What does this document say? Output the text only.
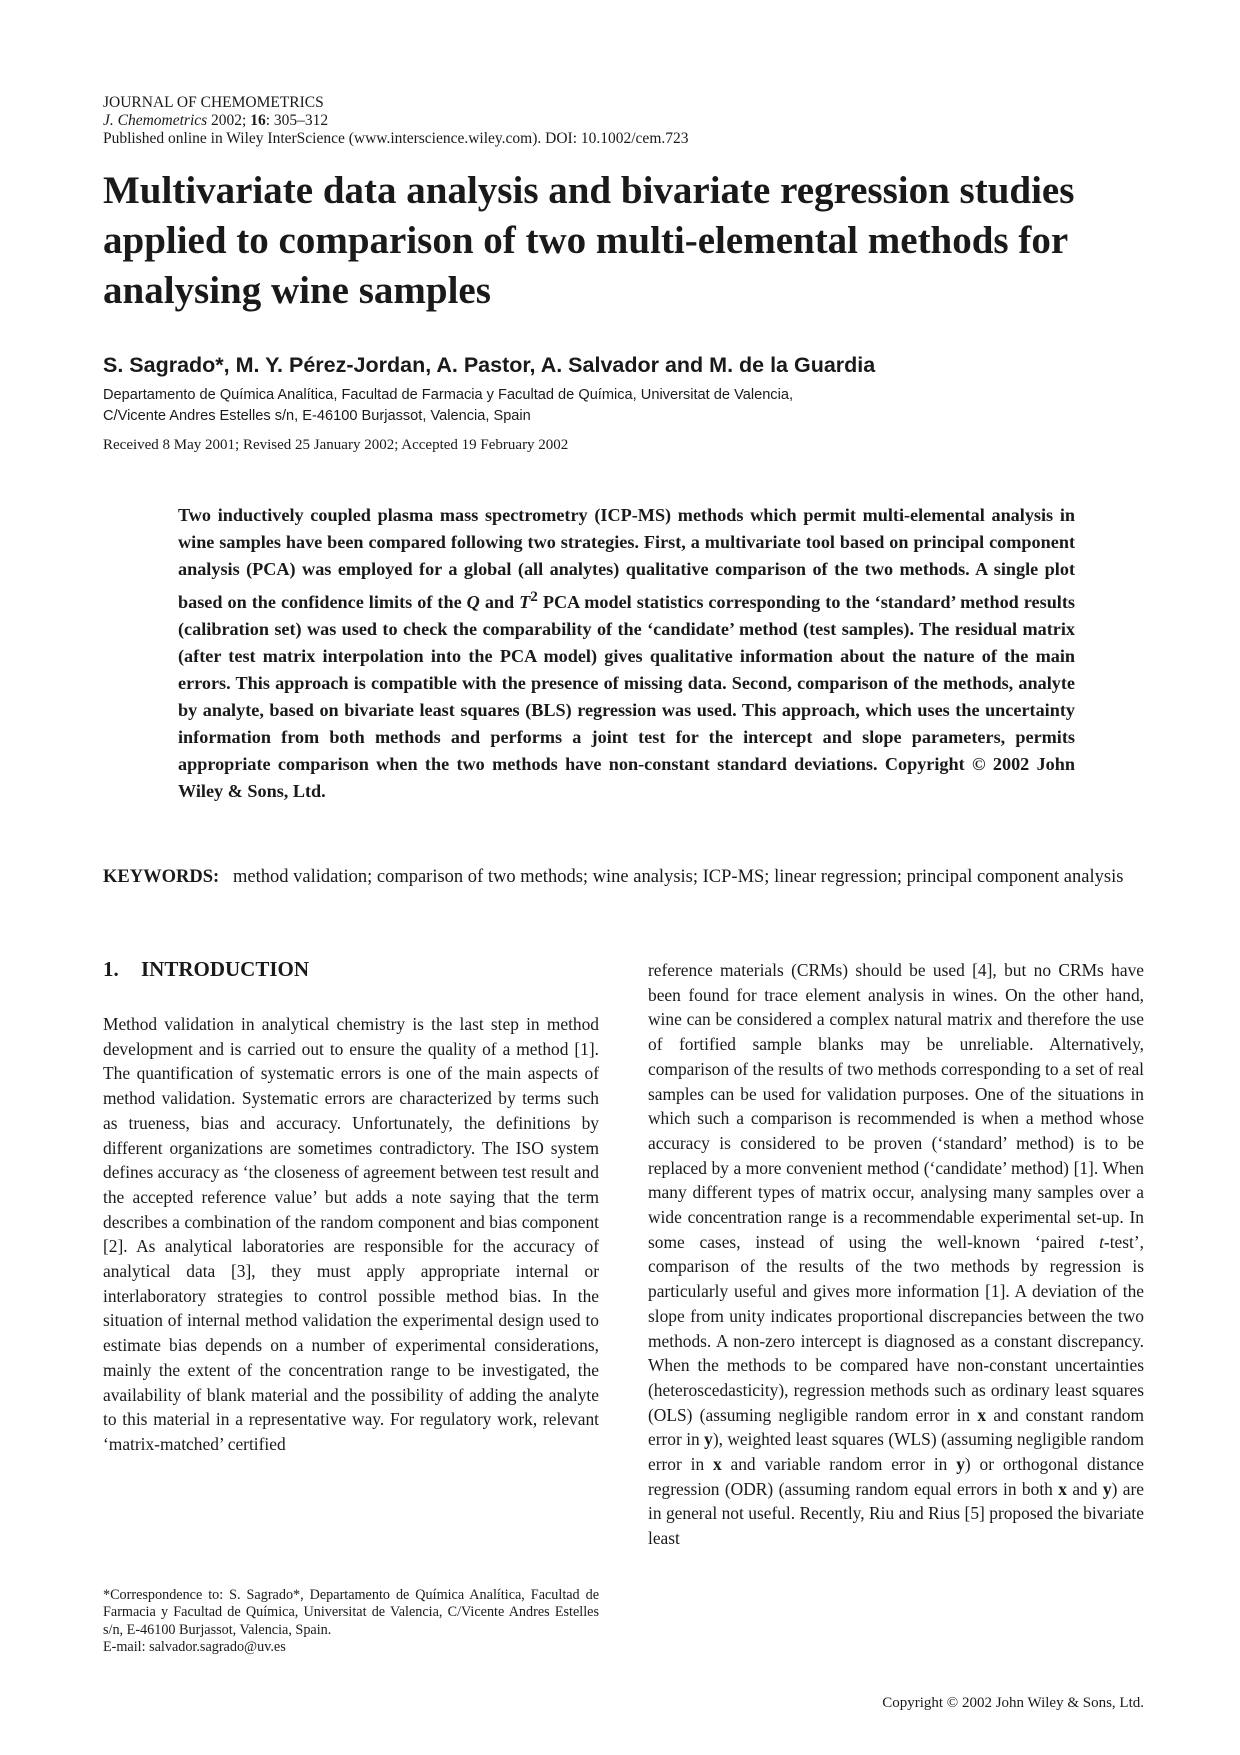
JOURNAL OF CHEMOMETRICS
J. Chemometrics 2002; 16: 305–312
Published online in Wiley InterScience (www.interscience.wiley.com). DOI: 10.1002/cem.723
Multivariate data analysis and bivariate regression studies applied to comparison of two multi-elemental methods for analysing wine samples
S. Sagrado*, M. Y. Pérez-Jordan, A. Pastor, A. Salvador and M. de la Guardia
Departamento de Química Analítica, Facultad de Farmacia y Facultad de Química, Universitat de Valencia,
C/Vicente Andres Estelles s/n, E-46100 Burjassot, Valencia, Spain
Received 8 May 2001; Revised 25 January 2002; Accepted 19 February 2002
Two inductively coupled plasma mass spectrometry (ICP-MS) methods which permit multi-elemental analysis in wine samples have been compared following two strategies. First, a multivariate tool based on principal component analysis (PCA) was employed for a global (all analytes) qualitative comparison of the two methods. A single plot based on the confidence limits of the Q and $T^2$ PCA model statistics corresponding to the ‘standard’ method results (calibration set) was used to check the comparability of the ‘candidate’ method (test samples). The residual matrix (after test matrix interpolation into the PCA model) gives qualitative information about the nature of the main errors. This approach is compatible with the presence of missing data. Second, comparison of the methods, analyte by analyte, based on bivariate least squares (BLS) regression was used. This approach, which uses the uncertainty information from both methods and performs a joint test for the intercept and slope parameters, permits appropriate comparison when the two methods have non-constant standard deviations. Copyright © 2002 John Wiley & Sons, Ltd.
KEYWORDS: method validation; comparison of two methods; wine analysis; ICP-MS; linear regression; principal component analysis
1. INTRODUCTION
Method validation in analytical chemistry is the last step in method development and is carried out to ensure the quality of a method [1]. The quantification of systematic errors is one of the main aspects of method validation. Systematic errors are characterized by terms such as trueness, bias and accuracy. Unfortunately, the definitions by different organizations are sometimes contradictory. The ISO system defines accuracy as ‘the closeness of agreement between test result and the accepted reference value’ but adds a note saying that the term describes a combination of the random component and bias component [2]. As analytical laboratories are responsible for the accuracy of analytical data [3], they must apply appropriate internal or interlaboratory strategies to control possible method bias. In the situation of internal method validation the experimental design used to estimate bias depends on a number of experimental considerations, mainly the extent of the concentration range to be investigated, the availability of blank material and the possibility of adding the analyte to this material in a representative way. For regulatory work, relevant ‘matrix-matched’ certified
reference materials (CRMs) should be used [4], but no CRMs have been found for trace element analysis in wines. On the other hand, wine can be considered a complex natural matrix and therefore the use of fortified sample blanks may be unreliable. Alternatively, comparison of the results of two methods corresponding to a set of real samples can be used for validation purposes. One of the situations in which such a comparison is recommended is when a method whose accuracy is considered to be proven (‘standard’ method) is to be replaced by a more convenient method (‘candidate’ method) [1]. When many different types of matrix occur, analysing many samples over a wide concentration range is a recommendable experimental set-up. In some cases, instead of using the well-known ‘paired t-test’, comparison of the results of the two methods by regression is particularly useful and gives more information [1]. A deviation of the slope from unity indicates proportional discrepancies between the two methods. A non-zero intercept is diagnosed as a constant discrepancy. When the methods to be compared have non-constant uncertainties (heteroscedasticity), regression methods such as ordinary least squares (OLS) (assuming negligible random error in x and constant random error in y), weighted least squares (WLS) (assuming negligible random error in x and variable random error in y) or orthogonal distance regression (ODR) (assuming random equal errors in both x and y) are in general not useful. Recently, Riu and Rius [5] proposed the bivariate least
*Correspondence to: S. Sagrado*, Departamento de Química Analítica, Facultad de Farmacia y Facultad de Química, Universitat de Valencia, C/Vicente Andres Estelles s/n, E-46100 Burjassot, Valencia, Spain.
E-mail: salvador.sagrado@uv.es
Copyright © 2002 John Wiley & Sons, Ltd.
